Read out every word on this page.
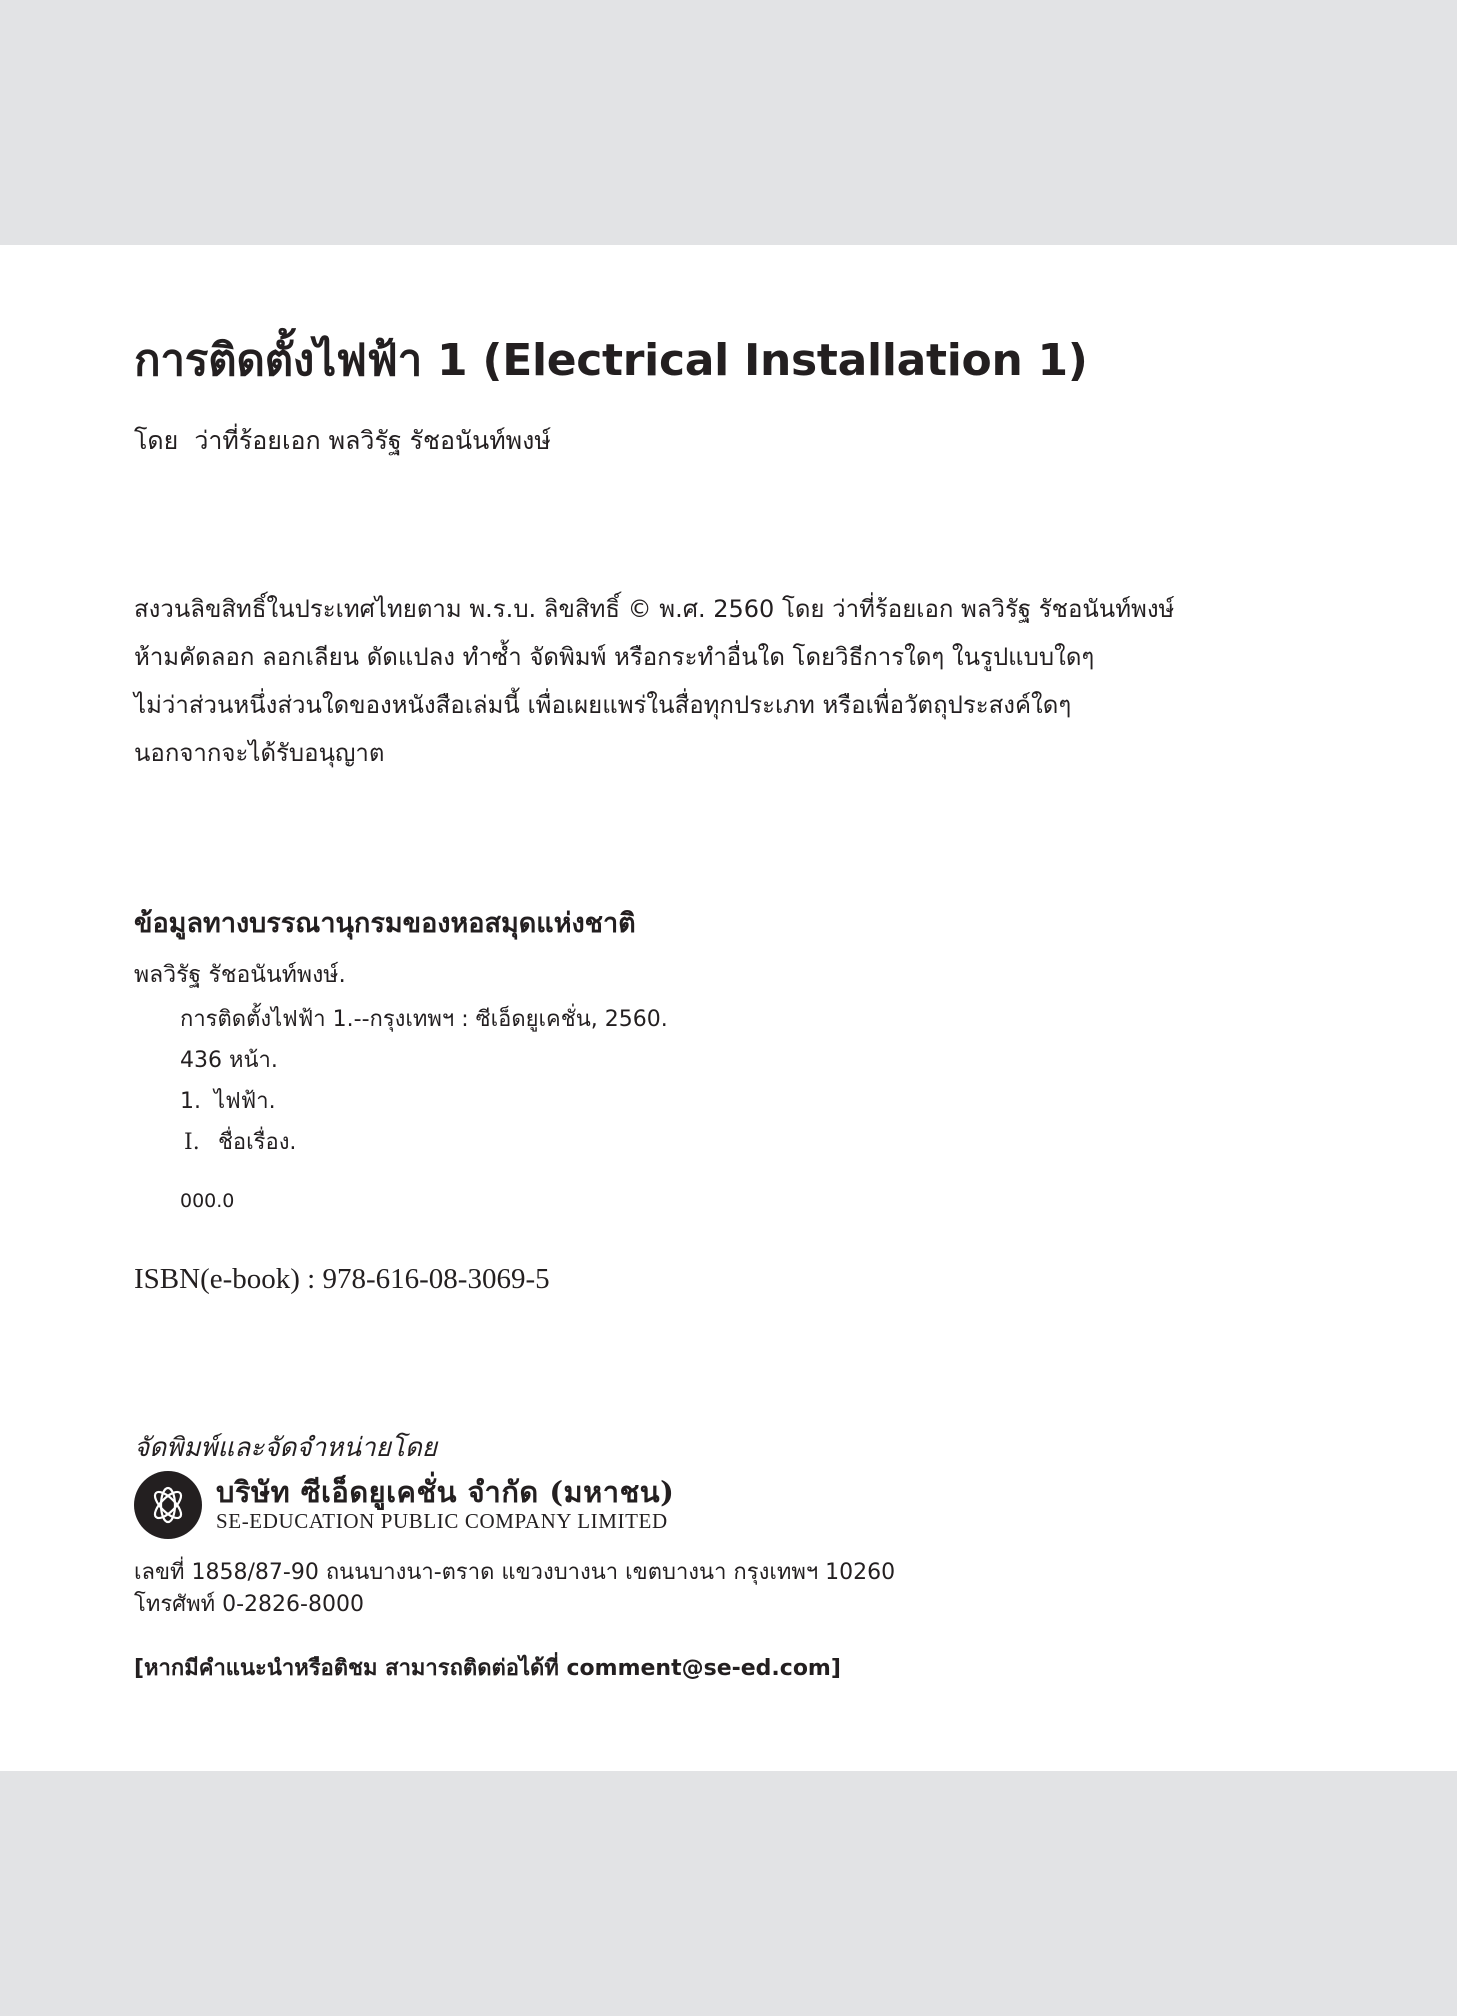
การติดตั้งไฟฟ้า 1 (Electrical Installation 1)
โดย ว่าที่ร้อยเอก พลวิรัฐ รัชอนันท์พงษ์
สงวนลิขสิทธิ์ในประเทศไทยตาม พ.ร.บ. ลิขสิทธิ์ © พ.ศ. 2560 โดย ว่าที่ร้อยเอก พลวิรัฐ รัชอนันท์พงษ์
ห้ามคัดลอก ลอกเลียน ดัดแปลง ทำซ้ำ จัดพิมพ์ หรือกระทำอื่นใด โดยวิธีการใดๆ ในรูปแบบใดๆ
ไม่ว่าส่วนหนึ่งส่วนใดของหนังสือเล่มนี้ เพื่อเผยแพร่ในสื่อทุกประเภท หรือเพื่อวัตถุประสงค์ใดๆ
นอกจากจะได้รับอนุญาต
ข้อมูลทางบรรณานุกรมของหอสมุดแห่งชาติ
พลวิรัฐ รัชอนันท์พงษ์.
การติดตั้งไฟฟ้า 1.--กรุงเทพฯ : ซีเอ็ดยูเคชั่น, 2560.
436 หน้า.
1. ไฟฟ้า.
I. ชื่อเรื่อง.
000.0
ISBN(e-book) : 978-616-08-3069-5
จัดพิมพ์และจัดจำหน่ายโดย
บริษัท ซีเอ็ดยูเคชั่น จำกัด (มหาชน)
SE-EDUCATION PUBLIC COMPANY LIMITED
เลขที่ 1858/87-90 ถนนบางนา-ตราด แขวงบางนา เขตบางนา กรุงเทพฯ 10260
โทรศัพท์ 0-2826-8000
[หากมีคำแนะนำหรือติชม สามารถติดต่อได้ที่ comment@se-ed.com]
